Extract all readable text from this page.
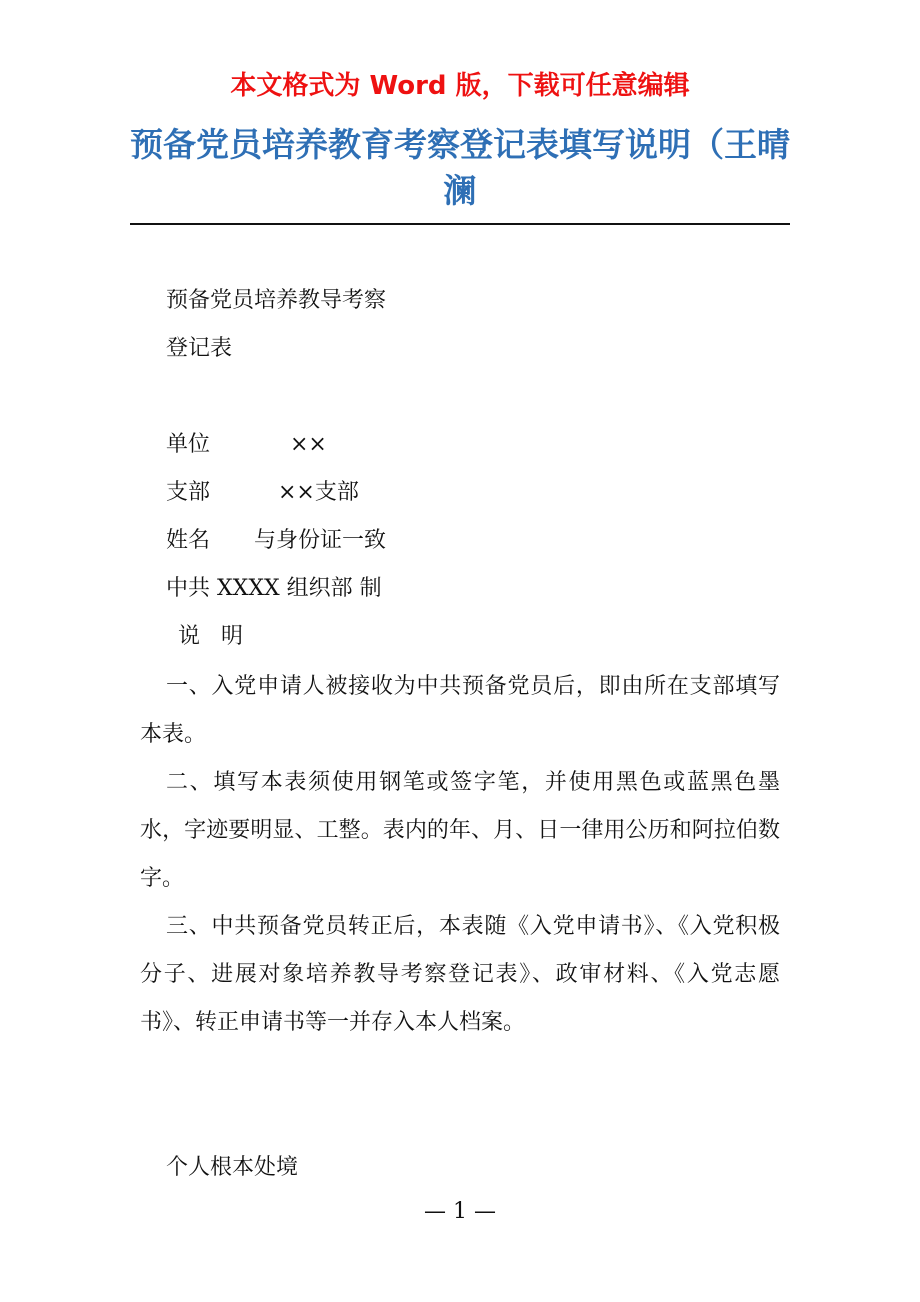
本文格式为 Word 版，下载可任意编辑
预备党员培养教育考察登记表填写说明（王晴澜
预备党员培养教导考察
登记表
单位	××
支部	××支部
姓名 与身份证一致
中共 XXXX 组织部 制
说   明
一、入党申请人被接收为中共预备党员后，即由所在支部填写本表。
二、填写本表须使用钢笔或签字笔，并使用黑色或蓝黑色墨水，字迹要明显、工整。表内的年、月、日一律用公历和阿拉伯数字。
三、中共预备党员转正后，本表随《入党申请书》、《入党积极分子、进展对象培养教导考察登记表》、政审材料、《入党志愿书》、转正申请书等一并存入本人档案。
个人根本处境
— 1 —
